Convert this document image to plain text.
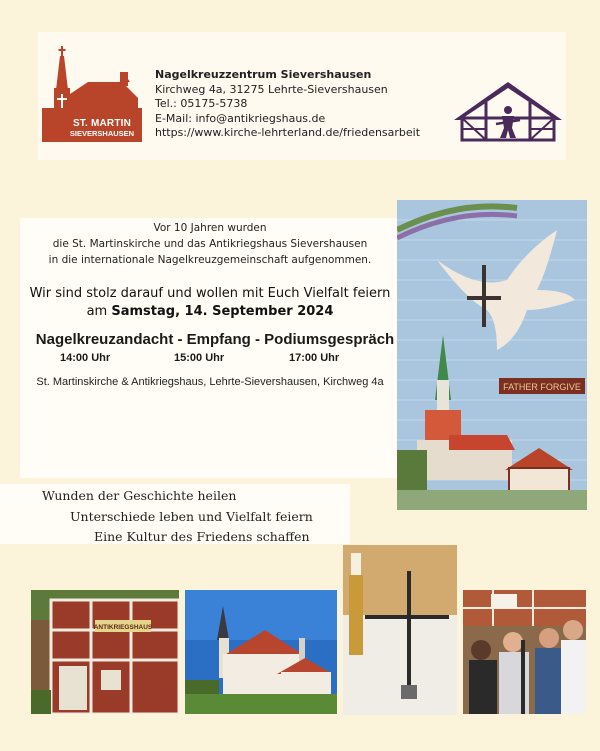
ST. MARTIN
SIEVERSHAUSEN
Nagelkreuzzentrum Sievershausen
Kirchweg 4a, 31275 Lehrte-Sievershausen
Tel.: 05175-5738
E-Mail: info@antikriegshaus.de
https://www.kirche-lehrterland.de/friedensarbeit
Vor 10 Jahren wurden
die St. Martinskirche und das Antikriegshaus Sievershausen
in die internationale Nagelkreuzgemeinschaft aufgenommen.
Wir sind stolz darauf und wollen mit Euch Vielfalt feiern
am Samstag, 14. September 2024
Nagelkreuzandacht - Empfang - Podiumsgespräch
14:00 Uhr	15:00 Uhr	17:00 Uhr
St. Martinskirche & Antikriegshaus, Lehrte-Sievershausen, Kirchweg 4a	FATHER FORGIVE
Wunden der Geschichte heilen
Unterschiede leben und Vielfalt feiern
Eine Kultur des Friedens schaffen
ANTIKRIEGSHAUS
